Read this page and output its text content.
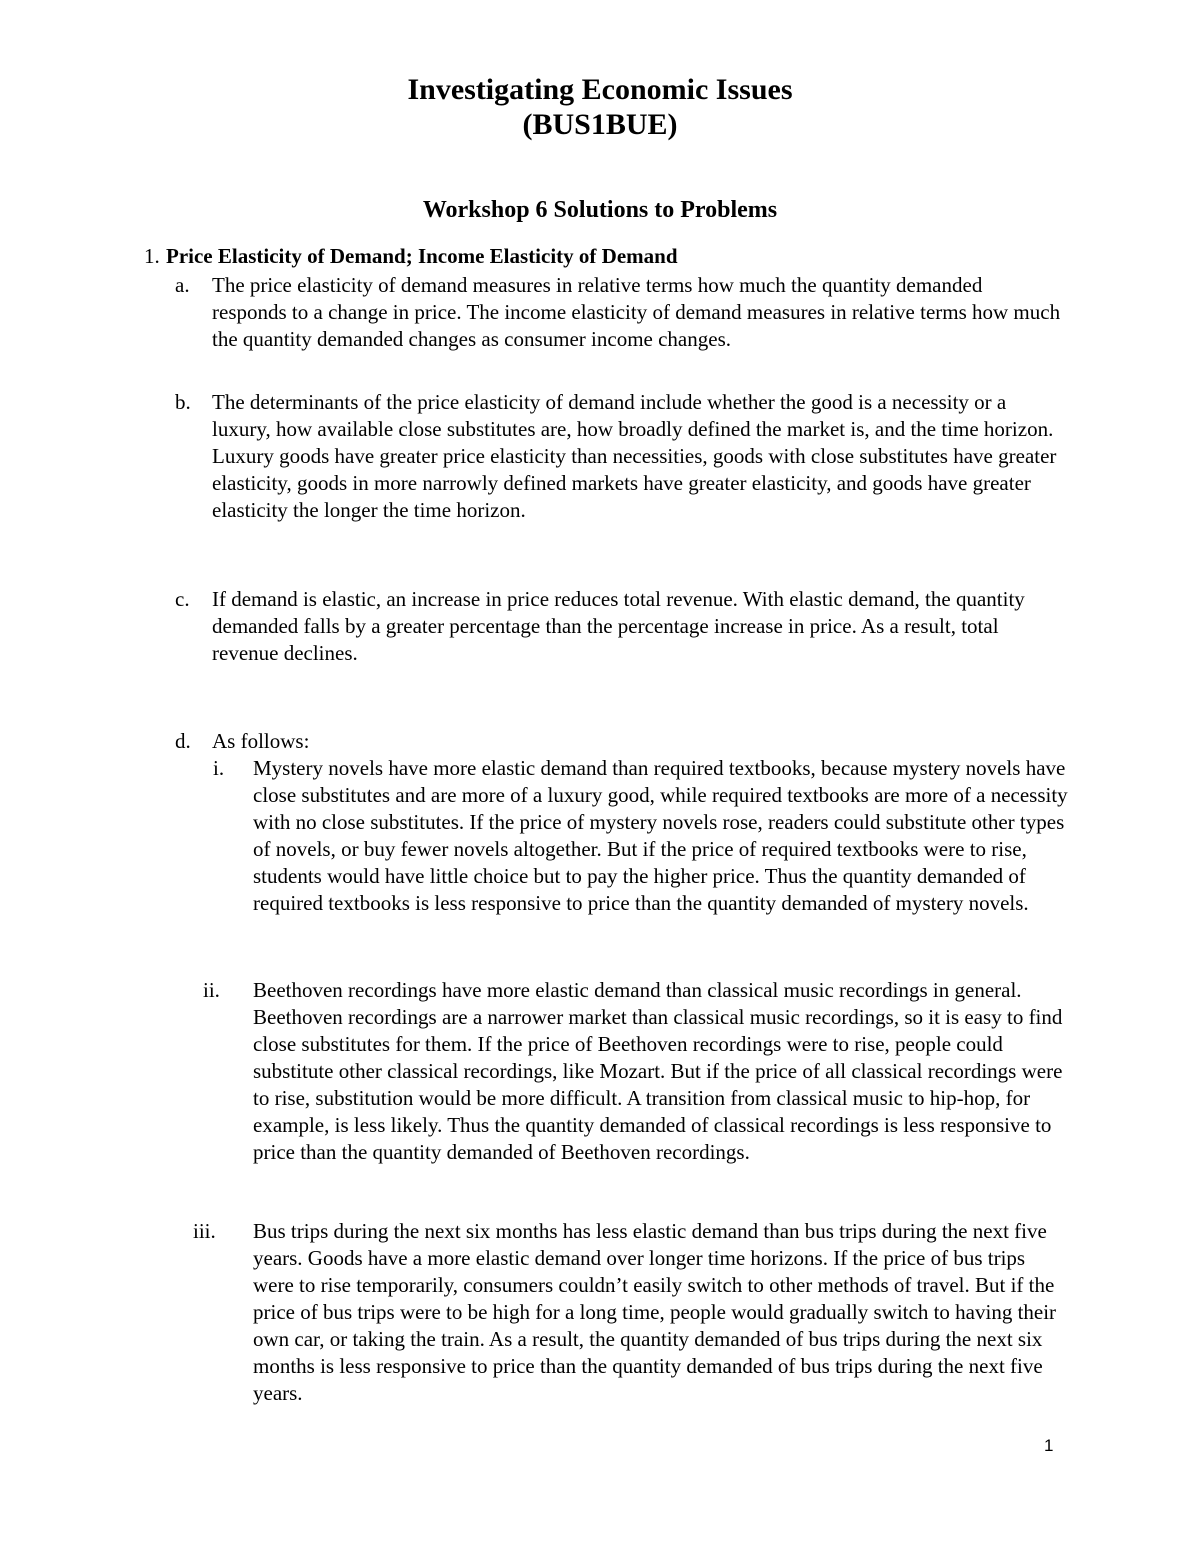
Investigating Economic Issues
(BUS1BUE)
Workshop 6 Solutions to Problems
1. Price Elasticity of Demand; Income Elasticity of Demand
a. The price elasticity of demand measures in relative terms how much the quantity demanded responds to a change in price. The income elasticity of demand measures in relative terms how much the quantity demanded changes as consumer income changes.

b. The determinants of the price elasticity of demand include whether the good is a necessity or a luxury, how available close substitutes are, how broadly defined the market is, and the time horizon. Luxury goods have greater price elasticity than necessities, goods with close substitutes have greater elasticity, goods in more narrowly defined markets have greater elasticity, and goods have greater elasticity the longer the time horizon.

c. If demand is elastic, an increase in price reduces total revenue. With elastic demand, the quantity demanded falls by a greater percentage than the percentage increase in price. As a result, total revenue declines.

d. As follows:

i. Mystery novels have more elastic demand than required textbooks, because mystery novels have close substitutes and are more of a luxury good, while required textbooks are more of a necessity with no close substitutes. If the price of mystery novels rose, readers could substitute other types of novels, or buy fewer novels altogether. But if the price of required textbooks were to rise, students would have little choice but to pay the higher price. Thus the quantity demanded of required textbooks is less responsive to price than the quantity demanded of mystery novels.

ii. Beethoven recordings have more elastic demand than classical music recordings in general. Beethoven recordings are a narrower market than classical music recordings, so it is easy to find close substitutes for them. If the price of Beethoven recordings were to rise, people could substitute other classical recordings, like Mozart. But if the price of all classical recordings were to rise, substitution would be more difficult. A transition from classical music to hip-hop, for example, is less likely. Thus the quantity demanded of classical recordings is less responsive to price than the quantity demanded of Beethoven recordings.

iii. Bus trips during the next six months has less elastic demand than bus trips during the next five years. Goods have a more elastic demand over longer time horizons. If the price of bus trips were to rise temporarily, consumers couldn’t easily switch to other methods of travel. But if the price of bus trips were to be high for a long time, people would gradually switch to having their own car, or taking the train. As a result, the quantity demanded of bus trips during the next six months is less responsive to price than the quantity demanded of bus trips during the next five years.

1
